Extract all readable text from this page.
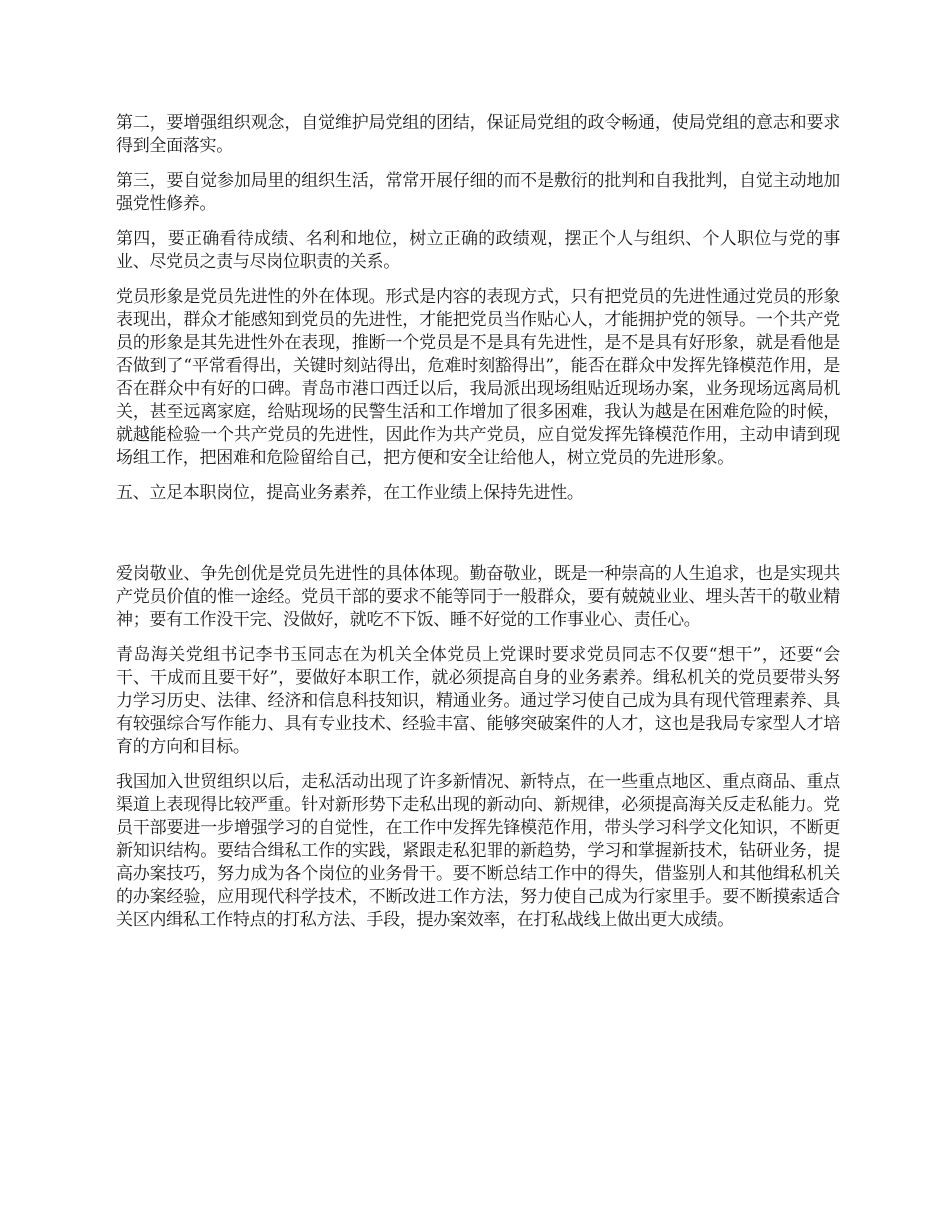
第二，要增强组织观念，自觉维护局党组的团结，保证局党组的政令畅通，使局党组的意志和要求得到全面落实。

第三，要自觉参加局里的组织生活，常常开展仔细的而不是敷衍的批判和自我批判，自觉主动地加强党性修养。

第四，要正确看待成绩、名利和地位，树立正确的政绩观，摆正个人与组织、个人职位与党的事业、尽党员之责与尽岗位职责的关系。

党员形象是党员先进性的外在体现。形式是内容的表现方式，只有把党员的先进性通过党员的形象表现出，群众才能感知到党员的先进性，才能把党员当作贴心人，才能拥护党的领导。一个共产党员的形象是其先进性外在表现，推断一个党员是不是具有先进性，是不是具有好形象，就是看他是否做到了“平常看得出，关键时刻站得出，危难时刻豁得出”，能否在群众中发挥先锋模范作用，是否在群众中有好的口碑。青岛市港口西迁以后，我局派出现场组贴近现场办案，业务现场远离局机关，甚至远离家庭，给贴现场的民警生活和工作增加了很多困难，我认为越是在困难危险的时候，就越能检验一个共产党员的先进性，因此作为共产党员，应自觉发挥先锋模范作用，主动申请到现场组工作，把困难和危险留给自己，把方便和安全让给他人，树立党员的先进形象。

五、立足本职岗位，提高业务素养，在工作业绩上保持先进性。

爱岗敬业、争先创优是党员先进性的具体体现。勤奋敬业，既是一种崇高的人生追求，也是实现共产党员价值的惟一途经。党员干部的要求不能等同于一般群众，要有兢兢业业、埋头苦干的敬业精神；要有工作没干完、没做好，就吃不下饭、睡不好觉的工作事业心、责任心。

青岛海关党组书记李书玉同志在为机关全体党员上党课时要求党员同志不仅要“想干”，还要“会干、干成而且要干好”，要做好本职工作，就必须提高自身的业务素养。缉私机关的党员要带头努力学习历史、法律、经济和信息科技知识，精通业务。通过学习使自己成为具有现代管理素养、具有较强综合写作能力、具有专业技术、经验丰富、能够突破案件的人才，这也是我局专家型人才培育的方向和目标。

我国加入世贸组织以后，走私活动出现了许多新情况、新特点，在一些重点地区、重点商品、重点渠道上表现得比较严重。针对新形势下走私出现的新动向、新规律，必须提高海关反走私能力。党员干部要进一步增强学习的自觉性，在工作中发挥先锋模范作用，带头学习科学文化知识，不断更新知识结构。要结合缉私工作的实践，紧跟走私犯罪的新趋势，学习和掌握新技术，钻研业务，提高办案技巧，努力成为各个岗位的业务骨干。要不断总结工作中的得失，借鉴别人和其他缉私机关的办案经验，应用现代科学技术，不断改进工作方法，努力使自己成为行家里手。要不断摸索适合关区内缉私工作特点的打私方法、手段，提办案效率，在打私战线上做出更大成绩。
